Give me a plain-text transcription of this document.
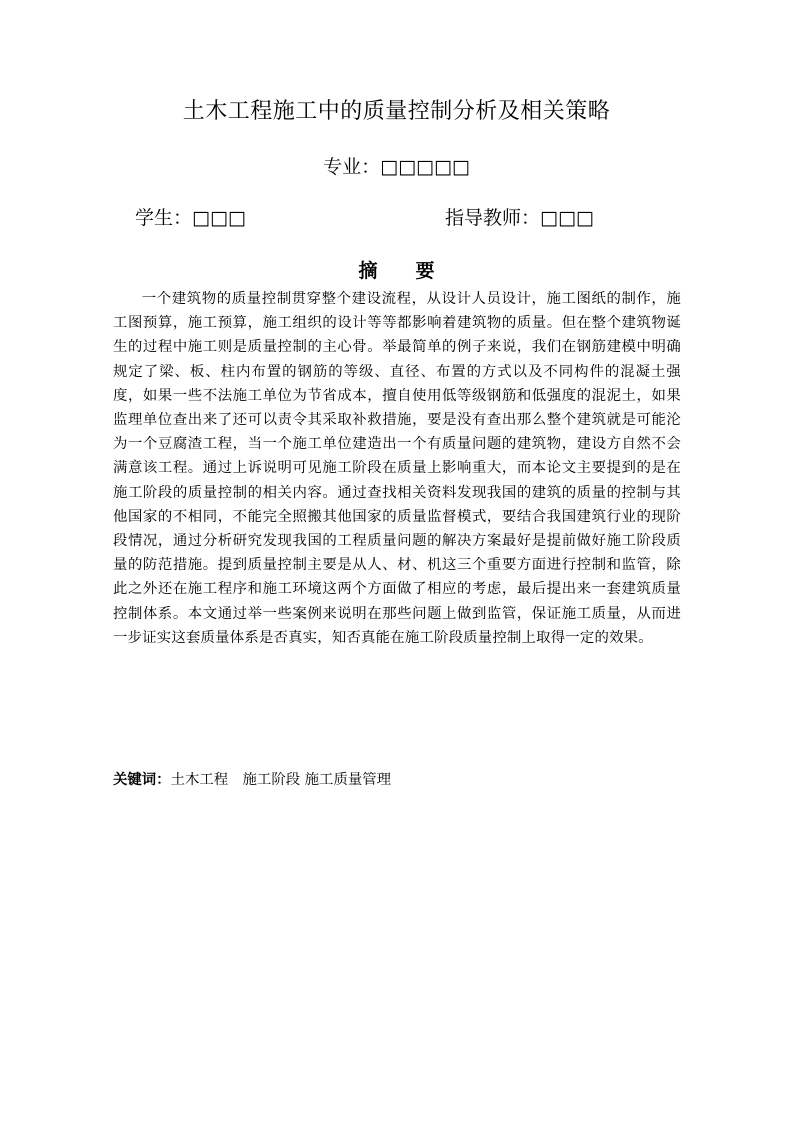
土木工程施工中的质量控制分析及相关策略
专业：□□□□□
学生：□□□	指导教师：□□□
摘　　要

一个建筑物的质量控制贯穿整个建设流程，从设计人员设计，施工图纸的制作，施工图预算，施工预算，施工组织的设计等等都影响着建筑物的质量。但在整个建筑物诞生的过程中施工则是质量控制的主心骨。举最简单的例子来说，我们在钢筋建模中明确规定了梁、板、柱内布置的钢筋的等级、直径、布置的方式以及不同构件的混凝土强度，如果一些不法施工单位为节省成本，擅自使用低等级钢筋和低强度的混泥土，如果监理单位查出来了还可以责令其采取补救措施，要是没有查出那么整个建筑就是可能沦为一个豆腐渣工程，当一个施工单位建造出一个有质量问题的建筑物，建设方自然不会满意该工程。通过上诉说明可见施工阶段在质量上影响重大，而本论文主要提到的是在施工阶段的质量控制的相关内容。通过查找相关资料发现我国的建筑的质量的控制与其他国家的不相同，不能完全照搬其他国家的质量监督模式，要结合我国建筑行业的现阶段情况，通过分析研究发现我国的工程质量问题的解决方案最好是提前做好施工阶段质量的防范措施。提到质量控制主要是从人、材、机这三个重要方面进行控制和监管，除此之外还在施工程序和施工环境这两个方面做了相应的考虑，最后提出来一套建筑质量控制体系。本文通过举一些案例来说明在那些问题上做到监管，保证施工质量，从而进一步证实这套质量体系是否真实，知否真能在施工阶段质量控制上取得一定的效果。

关键词：土木工程　施工阶段 施工质量管理
